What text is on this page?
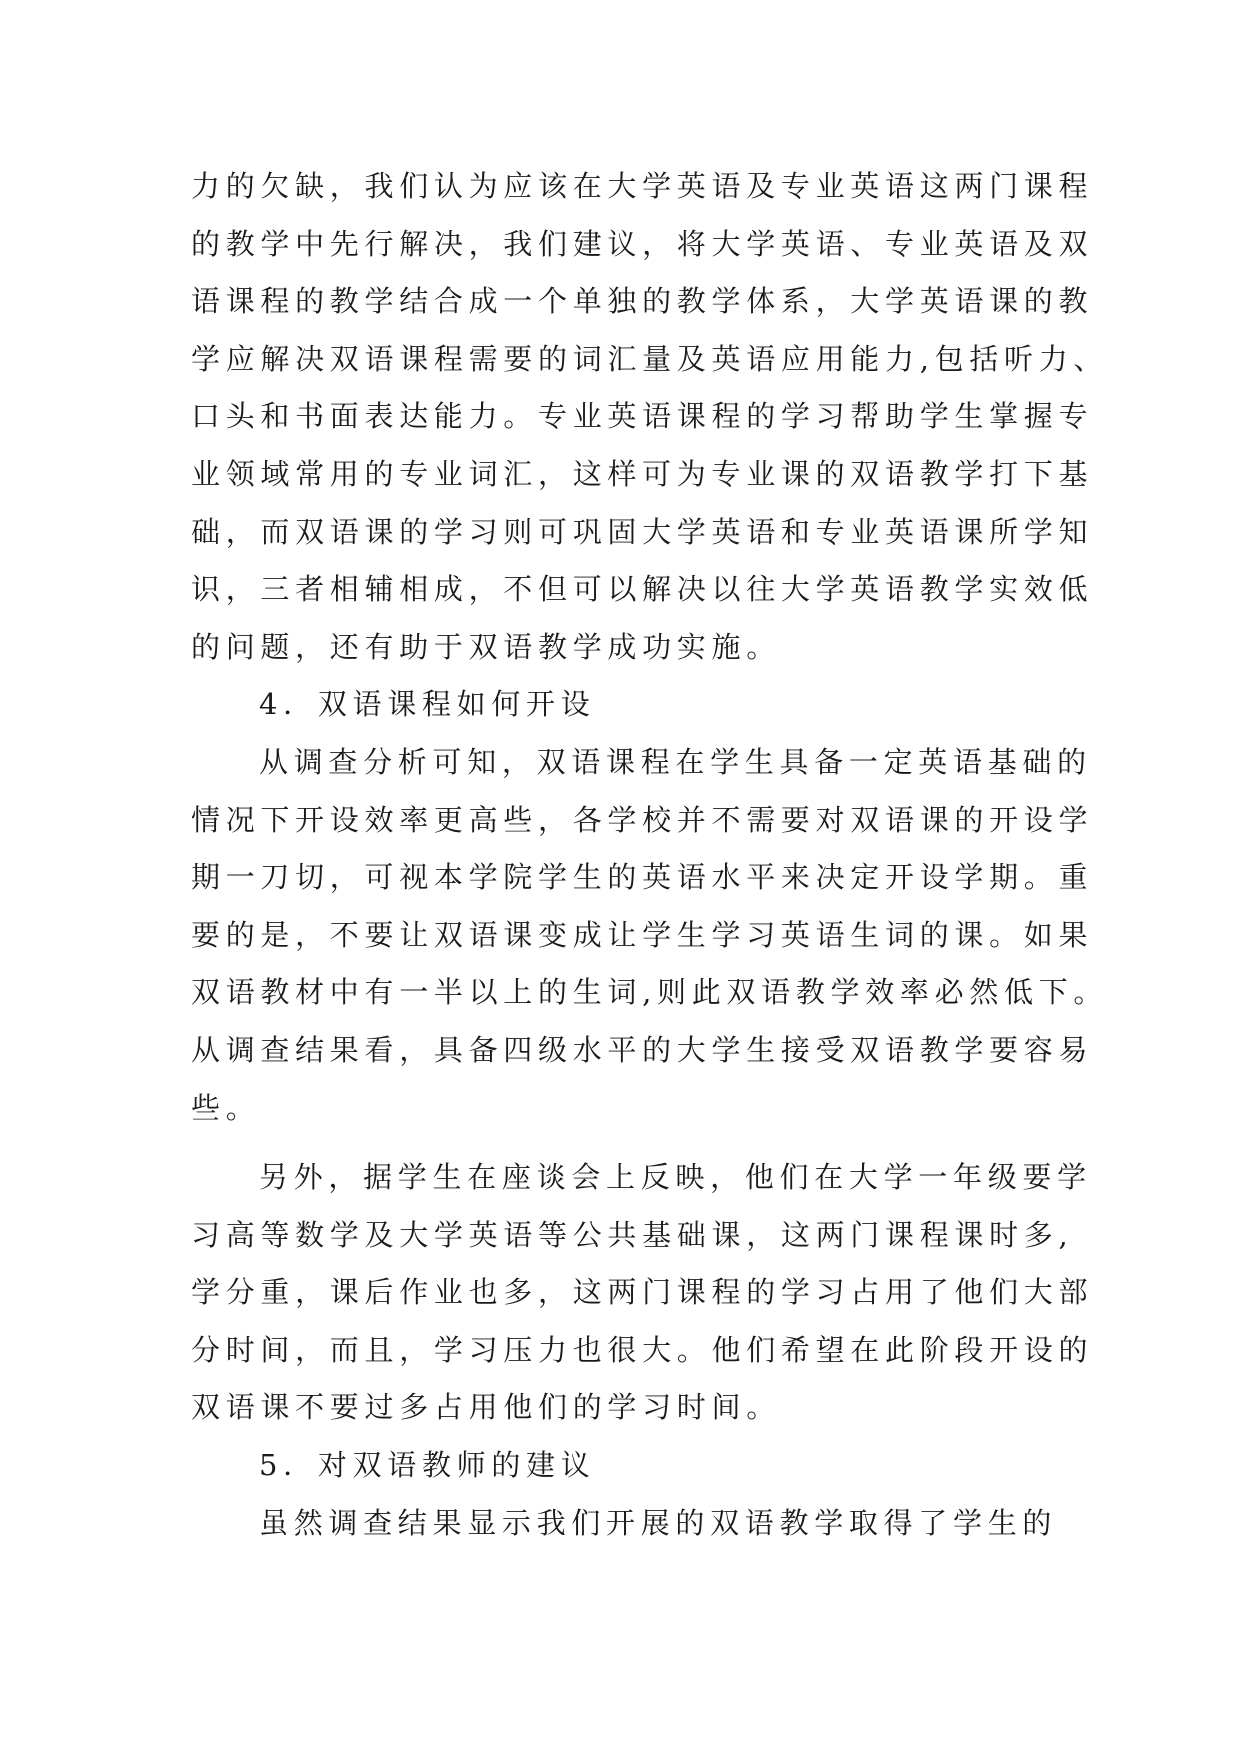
力的欠缺，我们认为应该在大学英语及专业英语这两门课程
的教学中先行解决，我们建议，将大学英语、专业英语及双
语课程的教学结合成一个单独的教学体系，大学英语课的教
学应解决双语课程需要的词汇量及英语应用能力,包括听力、
口头和书面表达能力。专业英语课程的学习帮助学生掌握专
业领域常用的专业词汇，这样可为专业课的双语教学打下基
础，而双语课的学习则可巩固大学英语和专业英语课所学知
识，三者相辅相成，不但可以解决以往大学英语教学实效低
的问题，还有助于双语教学成功实施。
4．双语课程如何开设
从调查分析可知，双语课程在学生具备一定英语基础的
情况下开设效率更高些，各学校并不需要对双语课的开设学
期一刀切，可视本学院学生的英语水平来决定开设学期。重
要的是，不要让双语课变成让学生学习英语生词的课。如果
双语教材中有一半以上的生词,则此双语教学效率必然低下。
从调查结果看，具备四级水平的大学生接受双语教学要容易
些。
另外，据学生在座谈会上反映，他们在大学一年级要学
习高等数学及大学英语等公共基础课，这两门课程课时多,
学分重，课后作业也多，这两门课程的学习占用了他们大部
分时间，而且，学习压力也很大。他们希望在此阶段开设的
双语课不要过多占用他们的学习时间。
5．对双语教师的建议
虽然调查结果显示我们开展的双语教学取得了学生的
